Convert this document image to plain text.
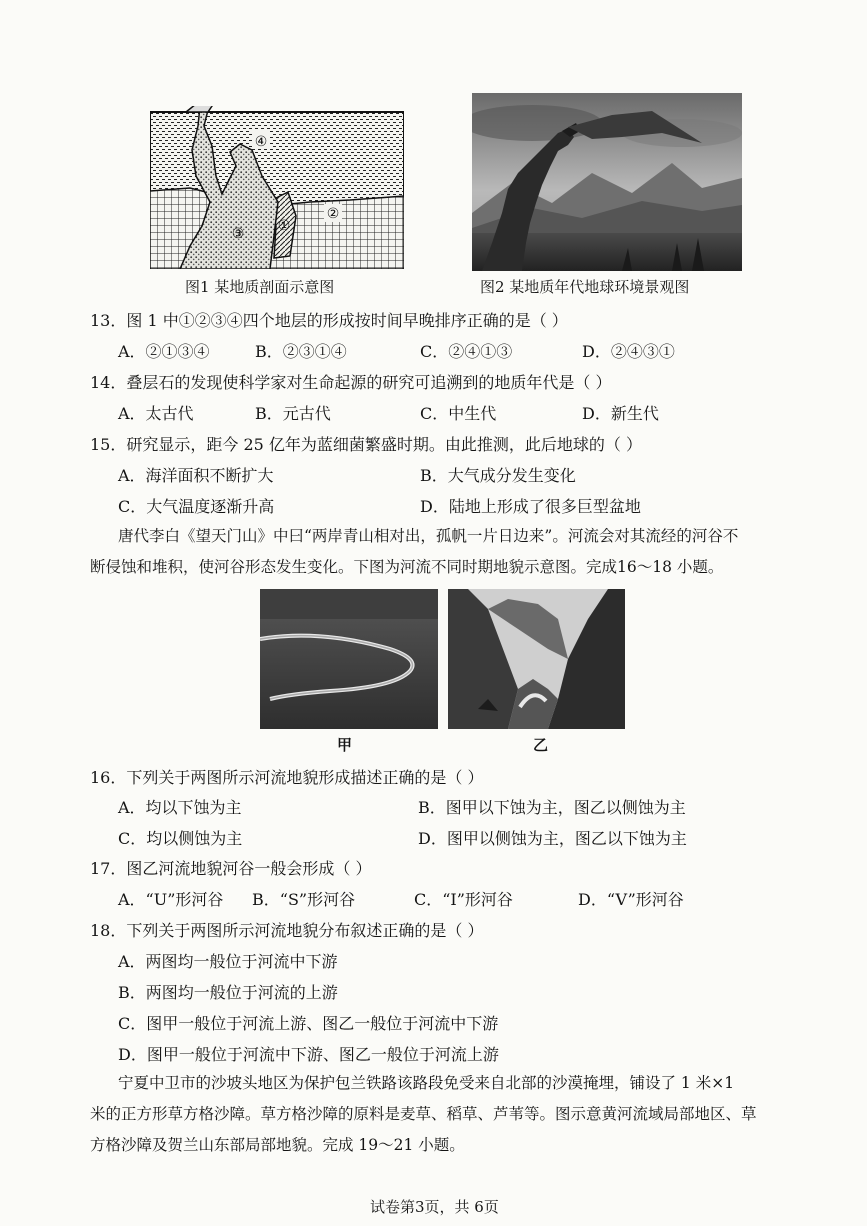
④
③
②
①
图1 某地质剖面示意图	图2 某地质年代地球环境景观图
13．图 1 中①②③④四个地层的形成按时间早晚排序正确的是（ ）
A．②①③④	B．②③①④	C．②④①③	D．②④③①
14．叠层石的发现使科学家对生命起源的研究可追溯到的地质年代是（ ）
A．太古代	B．元古代	C．中生代	D．新生代
15．研究显示，距今 25 亿年为蓝细菌繁盛时期。由此推测，此后地球的（ ）
A．海洋面积不断扩大	B．大气成分发生变化
C．大气温度逐渐升高	D．陆地上形成了很多巨型盆地
唐代李白《望天门山》中曰“两岸青山相对出，孤帆一片日边来”。河流会对其流经的河谷不
断侵蚀和堆积，使河谷形态发生变化。下图为河流不同时期地貌示意图。完成16～18 小题。
甲	乙
16．下列关于两图所示河流地貌形成描述正确的是（ ）
A．均以下蚀为主	B．图甲以下蚀为主，图乙以侧蚀为主
C．均以侧蚀为主	D．图甲以侧蚀为主，图乙以下蚀为主
17．图乙河流地貌河谷一般会形成（ ）
A．“U”形河谷 B．“S”形河谷	C．“I”形河谷	D．“V”形河谷
18．下列关于两图所示河流地貌分布叙述正确的是（ ）
A．两图均一般位于河流中下游
B．两图均一般位于河流的上游
C．图甲一般位于河流上游、图乙一般位于河流中下游
D．图甲一般位于河流中下游、图乙一般位于河流上游
宁夏中卫市的沙坡头地区为保护包兰铁路该路段免受来自北部的沙漠掩埋，铺设了 1 米×1
米的正方形草方格沙障。草方格沙障的原料是麦草、稻草、芦苇等。图示意黄河流域局部地区、草
方格沙障及贺兰山东部局部地貌。完成 19～21 小题。
试卷第3页，共 6页
